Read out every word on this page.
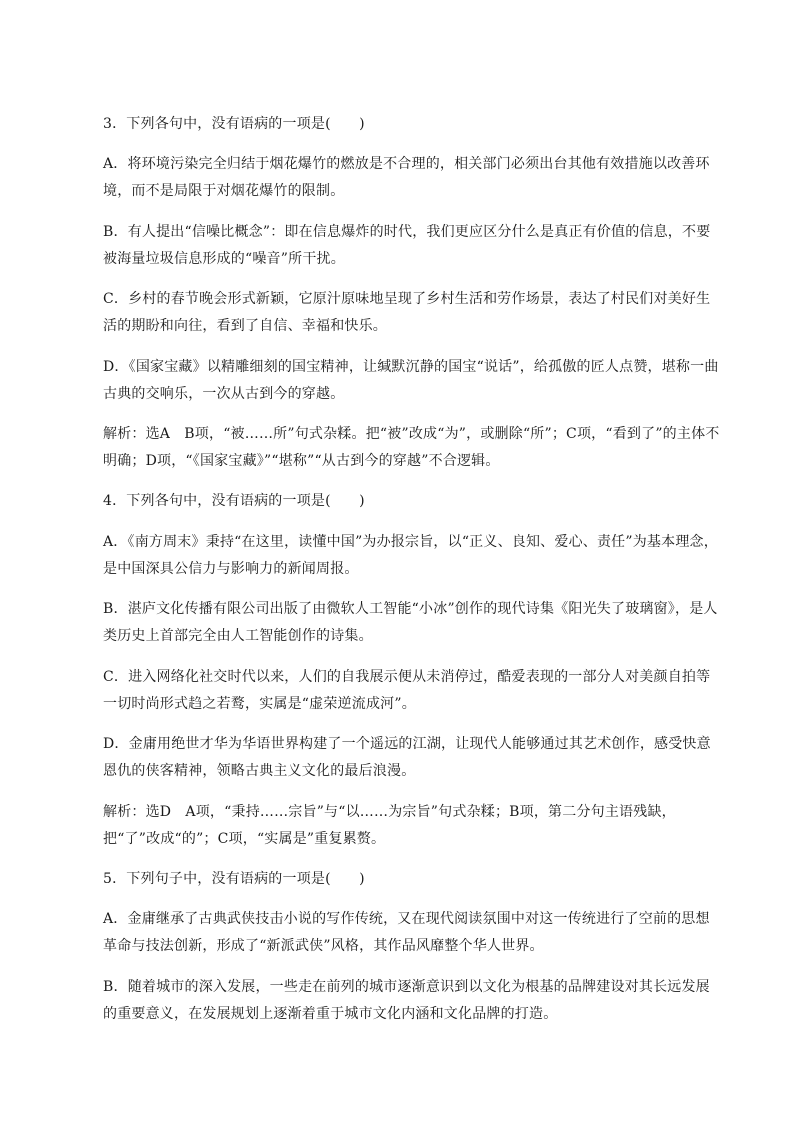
3．下列各句中，没有语病的一项是(　　)

A．将环境污染完全归结于烟花爆竹的燃放是不合理的，相关部门必须出台其他有效措施以改善环境，而不是局限于对烟花爆竹的限制。

B．有人提出“信噪比概念”：即在信息爆炸的时代，我们更应区分什么是真正有价值的信息，不要被海量垃圾信息形成的“噪音”所干扰。

C．乡村的春节晚会形式新颖，它原汁原味地呈现了乡村生活和劳作场景，表达了村民们对美好生活的期盼和向往，看到了自信、幸福和快乐。

D．《国家宝藏》以精雕细刻的国宝精神，让缄默沉静的国宝“说话”，给孤傲的匠人点赞，堪称一曲古典的交响乐，一次从古到今的穿越。

解析：选A　B项，“被……所”句式杂糅。把“被”改成“为”，或删除“所”；C项，“看到了”的主体不明确；D项，“《国家宝藏》”“堪称”“从古到今的穿越”不合逻辑。

4．下列各句中，没有语病的一项是(　　)

A．《南方周末》秉持“在这里，读懂中国”为办报宗旨，以“正义、良知、爱心、责任”为基本理念，是中国深具公信力与影响力的新闻周报。

B．湛庐文化传播有限公司出版了由微软人工智能“小冰”创作的现代诗集《阳光失了玻璃窗》，是人类历史上首部完全由人工智能创作的诗集。

C．进入网络化社交时代以来，人们的自我展示便从未消停过，酷爱表现的一部分人对美颜自拍等一切时尚形式趋之若鹜，实属是“虚荣逆流成河”。

D．金庸用绝世才华为华语世界构建了一个遥远的江湖，让现代人能够通过其艺术创作，感受快意恩仇的侠客精神，领略古典主义文化的最后浪漫。

解析：选D　A项，“秉持……宗旨”与“以……为宗旨”句式杂糅；B项，第二分句主语残缺，把“了”改成“的”；C项，“实属是”重复累赘。

5．下列句子中，没有语病的一项是(　　)

A．金庸继承了古典武侠技击小说的写作传统，又在现代阅读氛围中对这一传统进行了空前的思想革命与技法创新，形成了“新派武侠”风格，其作品风靡整个华人世界。

B．随着城市的深入发展，一些走在前列的城市逐渐意识到以文化为根基的品牌建设对其长远发展的重要意义，在发展规划上逐渐着重于城市文化内涵和文化品牌的打造。
